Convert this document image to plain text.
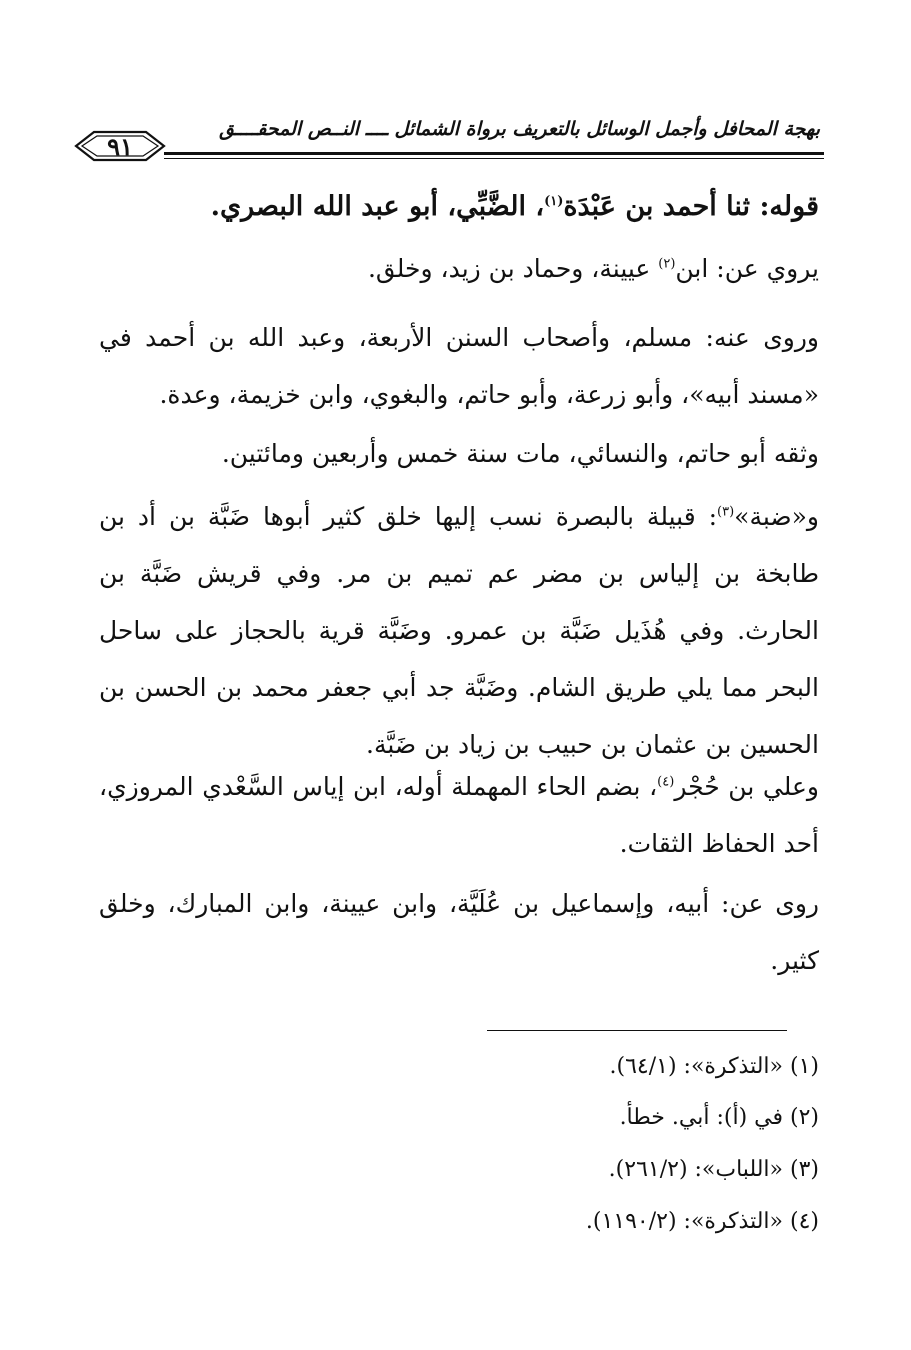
بهجة المحافل وأجمل الوسائل بالتعريف برواة الشمائل ــــ النــص المحقــــق
٩١

قوله: ثنا أحمد بن عَبْدَة$^{(١)}$، الضَّبِّي، أبو عبد الله البصري.

يروي عن: ابن$^{(٢)}$ عيينة، وحماد بن زيد، وخلق.

وروى عنه: مسلم، وأصحاب السنن الأربعة، وعبد الله بن أحمد في «مسند أبيه»، وأبو زرعة، وأبو حاتم، والبغوي، وابن خزيمة، وعدة.

وثقه أبو حاتم، والنسائي، مات سنة خمس وأربعين ومائتين.

و«ضبة»$^{(٣)}$: قبيلة بالبصرة نسب إليها خلق كثير أبوها ضَبَّة بن أد بن طابخة بن إلياس بن مضر عم تميم بن مر. وفي قريش ضَبَّة بن الحارث. وفي هُذَيل ضَبَّة بن عمرو. وضَبَّة قرية بالحجاز على ساحل البحر مما يلي طريق الشام. وضَبَّة جد أبي جعفر محمد بن الحسن بن الحسين بن عثمان بن حبيب بن زياد بن ضَبَّة.

وعلي بن حُجْر$^{(٤)}$، بضم الحاء المهملة أوله، ابن إياس السَّعْدي المروزي، أحد الحفاظ الثقات.

روى عن: أبيه، وإسماعيل بن عُلَيَّة، وابن عيينة، وابن المبارك، وخلق كثير.

(١) «التذكرة»: (٦٤/١).

(٢) في (أ): أبي. خطأ.

(٣) «اللباب»: (٢٦١/٢).

(٤) «التذكرة»: (١١٩٠/٢).
